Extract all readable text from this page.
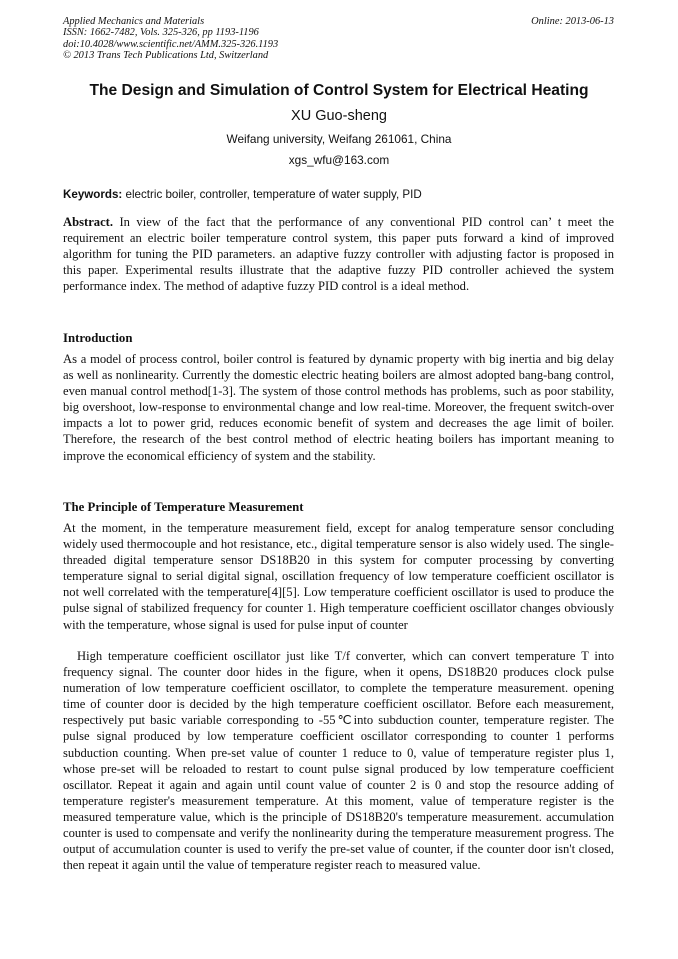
Applied Mechanics and Materials
ISSN: 1662-7482, Vols. 325-326, pp 1193-1196
doi:10.4028/www.scientific.net/AMM.325-326.1193
© 2013 Trans Tech Publications Ltd, Switzerland
Online: 2013-06-13
The Design and Simulation of Control System for Electrical Heating
XU Guo-sheng
Weifang university, Weifang 261061, China
xgs_wfu@163.com
Keywords: electric boiler, controller, temperature of water supply, PID

Abstract. In view of the fact that the performance of any conventional PID control can’ t meet the requirement an electric boiler temperature control system, this paper puts forward a kind of improved algorithm for tuning the PID parameters. an adaptive fuzzy controller with adjusting factor is proposed in this paper. Experimental results illustrate that the adaptive fuzzy PID controller achieved the system performance index. The method of adaptive fuzzy PID control is a ideal method.

Introduction

As a model of process control, boiler control is featured by dynamic property with big inertia and big delay as well as nonlinearity. Currently the domestic electric heating boilers are almost adopted bang-bang control, even manual control method[1-3]. The system of those control methods has problems, such as poor stability, big overshoot, low-response to environmental change and low real-time. Moreover, the frequent switch-over impacts a lot to power grid, reduces economic benefit of system and decreases the age limit of boiler. Therefore, the research of the best control method of electric heating boilers has important meaning to improve the economical efficiency of system and the stability.

The Principle of Temperature Measurement

At the moment, in the temperature measurement field, except for analog temperature sensor concluding widely used thermocouple and hot resistance, etc., digital temperature sensor is also widely used. The single-threaded digital temperature sensor DS18B20 in this system for computer processing by converting temperature signal to serial digital signal, oscillation frequency of low temperature coefficient oscillator is not well correlated with the temperature[4][5]. Low temperature coefficient oscillator is used to produce the pulse signal of stabilized frequency for counter 1. High temperature coefficient oscillator changes obviously with the temperature, whose signal is used for pulse input of counter

High temperature coefficient oscillator just like T/f converter, which can convert temperature T into frequency signal. The counter door hides in the figure, when it opens, DS18B20 produces clock pulse numeration of low temperature coefficient oscillator, to complete the temperature measurement. opening time of counter door is decided by the high temperature coefficient oscillator. Before each measurement, respectively put basic variable corresponding to -55℃into subduction counter, temperature register. The pulse signal produced by low temperature coefficient oscillator corresponding to counter 1 performs subduction counting. When pre-set value of counter 1 reduce to 0, value of temperature register plus 1, whose pre-set will be reloaded to restart to count pulse signal produced by low temperature coefficient oscillator. Repeat it again and again until count value of counter 2 is 0 and stop the resource adding of temperature register's measurement temperature. At this moment, value of temperature register is the measured temperature value, which is the principle of DS18B20's temperature measurement. accumulation counter is used to compensate and verify the nonlinearity during the temperature measurement progress. The output of accumulation counter is used to verify the pre-set value of counter, if the counter door isn't closed, then repeat it again until the value of temperature register reach to measured value.
